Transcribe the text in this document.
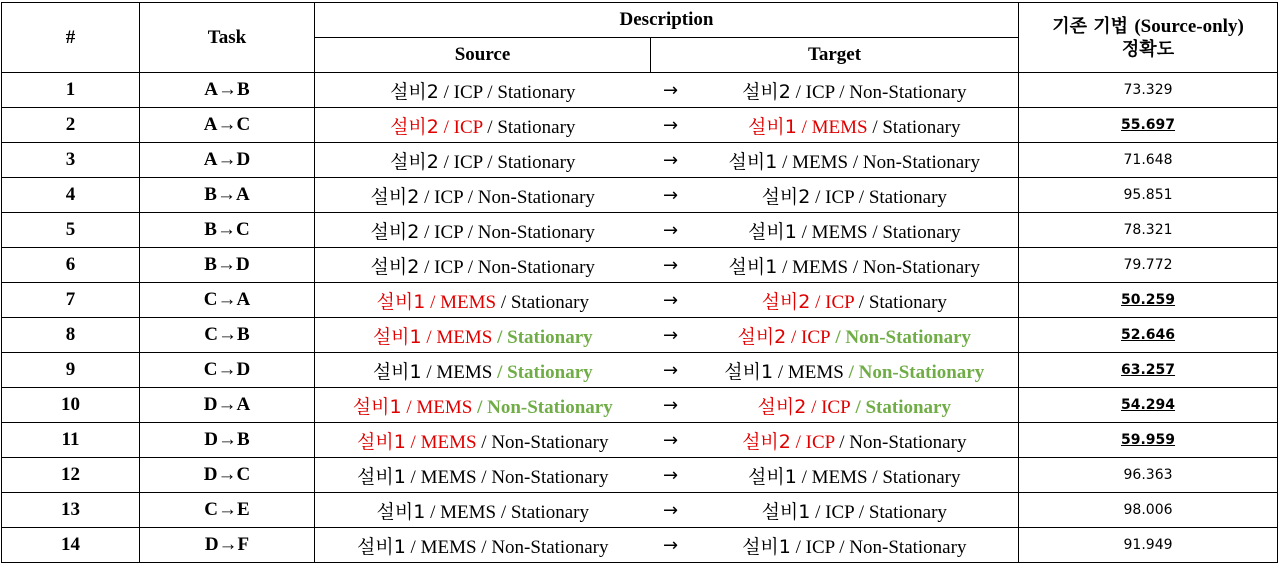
#	Task	Description			기존 기법 (Source-only)
정확도
		Source	Target		
1	A→B	설비2 / ICP / Stationary	→	설비2 / ICP / Non-Stationary	73.329
2	A→C	설비2 / ICP / Stationary	→	설비1 / MEMS / Stationary	55.697
3	A→D	설비2 / ICP / Stationary	→	설비1 / MEMS / Non-Stationary	71.648
4	B→A	설비2 / ICP / Non-Stationary	→	설비2 / ICP / Stationary	95.851
5	B→C	설비2 / ICP / Non-Stationary	→	설비1 / MEMS / Stationary	78.321
6	B→D	설비2 / ICP / Non-Stationary	→	설비1 / MEMS / Non-Stationary	79.772
7	C→A	설비1 / MEMS / Stationary	→	설비2 / ICP / Stationary	50.259
8	C→B	설비1 / MEMS / Stationary	→	설비2 / ICP / Non-Stationary	52.646
9	C→D	설비1 / MEMS / Stationary	→	설비1 / MEMS / Non-Stationary	63.257
10	D→A	설비1 / MEMS / Non-Stationary	→	설비2 / ICP / Stationary	54.294
11	D→B	설비1 / MEMS / Non-Stationary	→	설비2 / ICP / Non-Stationary	59.959
12	D→C	설비1 / MEMS / Non-Stationary	→	설비1 / MEMS / Stationary	96.363
13	C→E	설비1 / MEMS / Stationary	→	설비1 / ICP / Stationary	98.006
14	D→F	설비1 / MEMS / Non-Stationary	→	설비1 / ICP / Non-Stationary	91.949
